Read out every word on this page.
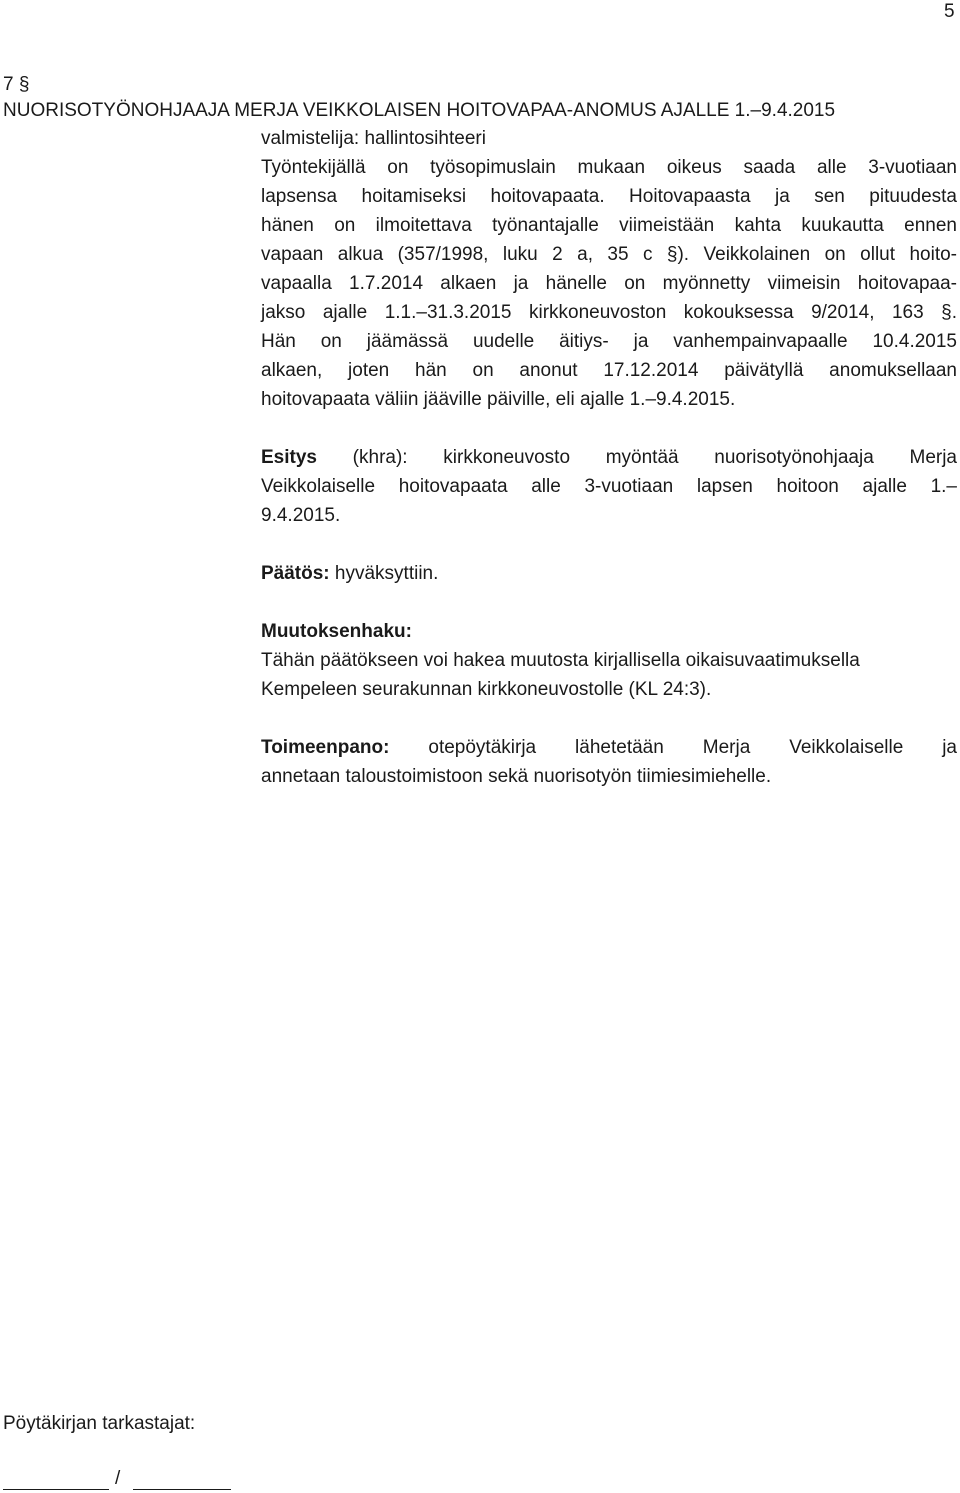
5
7 §
NUORISOTYÖNOHJAAJA MERJA VEIKKOLAISEN HOITOVAPAA-ANOMUS AJALLE 1.–9.4.2015
valmistelija: hallintosihteeri
Työntekijällä on työsopimuslain mukaan oikeus saada alle 3-vuotiaan
lapsensa hoitamiseksi hoitovapaata. Hoitovapaasta ja sen pituudesta
hänen on ilmoitettava työnantajalle viimeistään kahta kuukautta ennen
vapaan alkua (357/1998, luku 2 a, 35 c §). Veikkolainen on ollut hoito-
vapaalla 1.7.2014 alkaen ja hänelle on myönnetty viimeisin hoitovapaa-
jakso ajalle 1.1.–31.3.2015 kirkkoneuvoston kokouksessa 9/2014, 163 §.
Hän on jäämässä uudelle äitiys- ja vanhempainvapaalle 10.4.2015
alkaen, joten hän on anonut 17.12.2014 päivätyllä anomuksellaan
hoitovapaata väliin jääville päiville, eli ajalle 1.–9.4.2015.
Esitys (khra): kirkkoneuvosto myöntää nuorisotyönohjaaja Merja
Veikkolaiselle hoitovapaata alle 3-vuotiaan lapsen hoitoon ajalle 1.–
9.4.2015.
Päätös: hyväksyttiin.
Muutoksenhaku:
Tähän päätökseen voi hakea muutosta kirjallisella oikaisuvaatimuksella
Kempeleen seurakunnan kirkkoneuvostolle (KL 24:3).
Toimeenpano: otepöytäkirja lähetetään Merja Veikkolaiselle ja
annetaan taloustoimistoon sekä nuorisotyön tiimiesimiehelle.
Pöytäkirjan tarkastajat:
/
